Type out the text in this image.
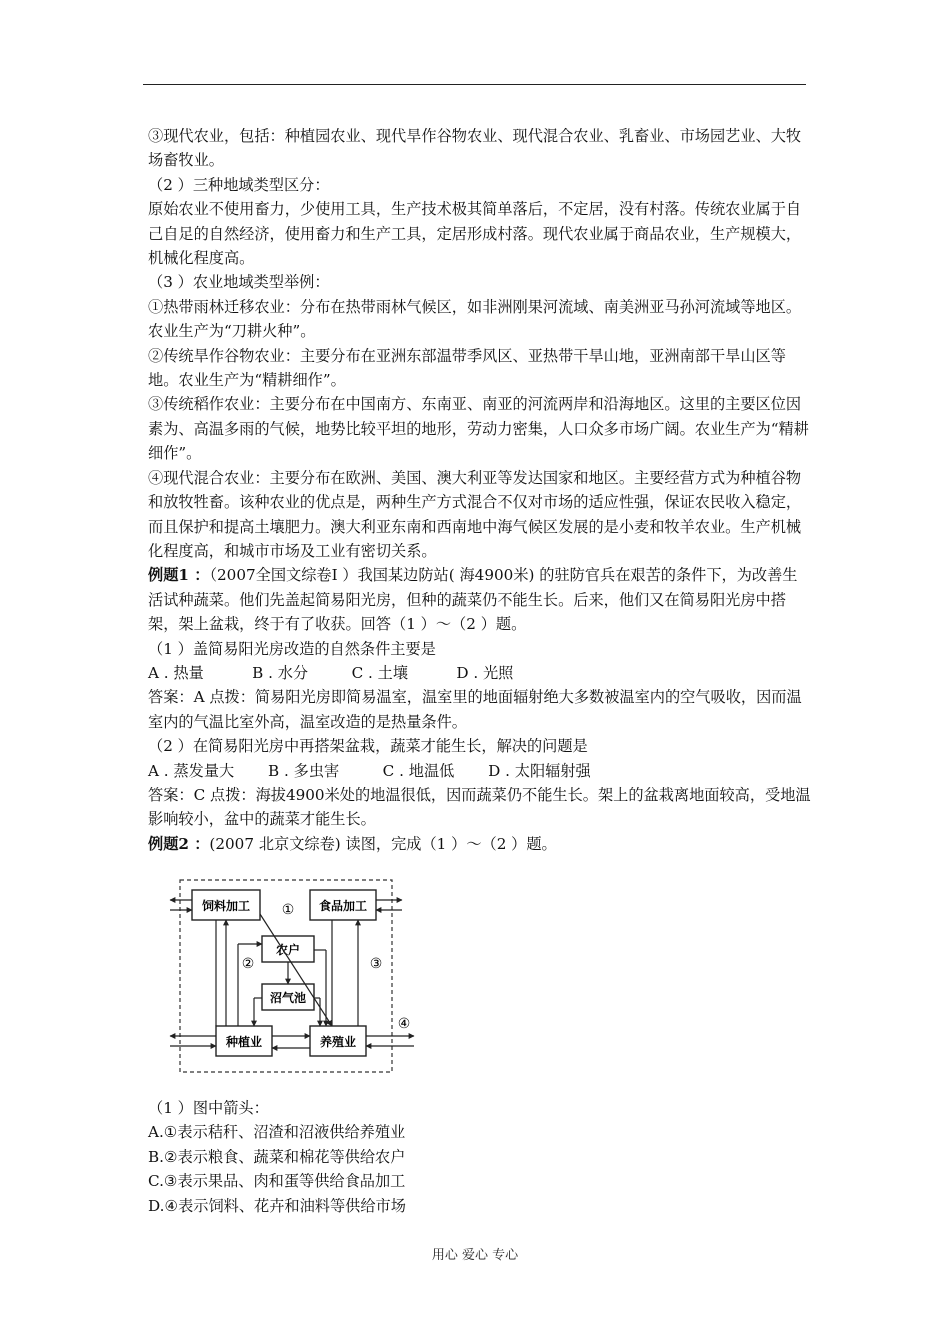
③现代农业，包括：种植园农业、现代旱作谷物农业、现代混合农业、乳畜业、市场园艺业、大牧场畜牧业。

（2 ）三种地域类型区分：

原始农业不使用畜力，少使用工具，生产技术极其简单落后，不定居，没有村落。传统农业属于自己自足的自然经济，使用畜力和生产工具，定居形成村落。现代农业属于商品农业，生产规模大，机械化程度高。

（3 ）农业地域类型举例：

①热带雨林迁移农业：分布在热带雨林气候区，如非洲刚果河流域、南美洲亚马孙河流域等地区。农业生产为“刀耕火种”。

②传统旱作谷物农业：主要分布在亚洲东部温带季风区、亚热带干旱山地，亚洲南部干旱山区等地。农业生产为“精耕细作”。

③传统稻作农业：主要分布在中国南方、东南亚、南亚的河流两岸和沿海地区。这里的主要区位因素为、高温多雨的气候，地势比较平坦的地形，劳动力密集，人口众多市场广阔。农业生产为“精耕细作”。

④现代混合农业：主要分布在欧洲、美国、澳大利亚等发达国家和地区。主要经营方式为种植谷物和放牧牲畜。该种农业的优点是，两种生产方式混合不仅对市场的适应性强，保证农民收入稳定，而且保护和提高土壤肥力。澳大利亚东南和西南地中海气候区发展的是小麦和牧羊农业。生产机械化程度高，和城市市场及工业有密切关系。

例题1 ：（2007全国文综卷I ）我国某边防站( 海4900米) 的驻防官兵在艰苦的条件下，为改善生活试种蔬菜。他们先盖起简易阳光房，但种的蔬菜仍不能生长。后来，他们又在简易阳光房中搭架，架上盆栽，终于有了收获。回答（1 ）～（2 ）题。

（1 ）盖简易阳光房改造的自然条件主要是

A . 热量          B . 水分         C . 土壤          D . 光照

答案：A 点拨：简易阳光房即简易温室，温室里的地面辐射绝大多数被温室内的空气吸收，因而温室内的气温比室外高，温室改造的是热量条件。

（2 ）在简易阳光房中再搭架盆栽，蔬菜才能生长，解决的问题是

A . 蒸发量大       B . 多虫害         C . 地温低       D . 太阳辐射强

答案：C 点拨：海拔4900米处的地温很低，因而蔬菜仍不能生长。架上的盆栽离地面较高，受地温影响较小，盆中的蔬菜才能生长。

例题2 ：(2007 北京文综卷) 读图，完成（1 ）～（2 ）题。

饲料加工	食品加工
农户
沼气池
种植业	养殖业
①
②	③
④

（1 ）图中箭头：

A.①表示秸秆、沼渣和沼液供给养殖业

B.②表示粮食、蔬菜和棉花等供给农户

C.③表示果品、肉和蛋等供给食品加工

D.④表示饲料、花卉和油料等供给市场

用心 爱心 专心
